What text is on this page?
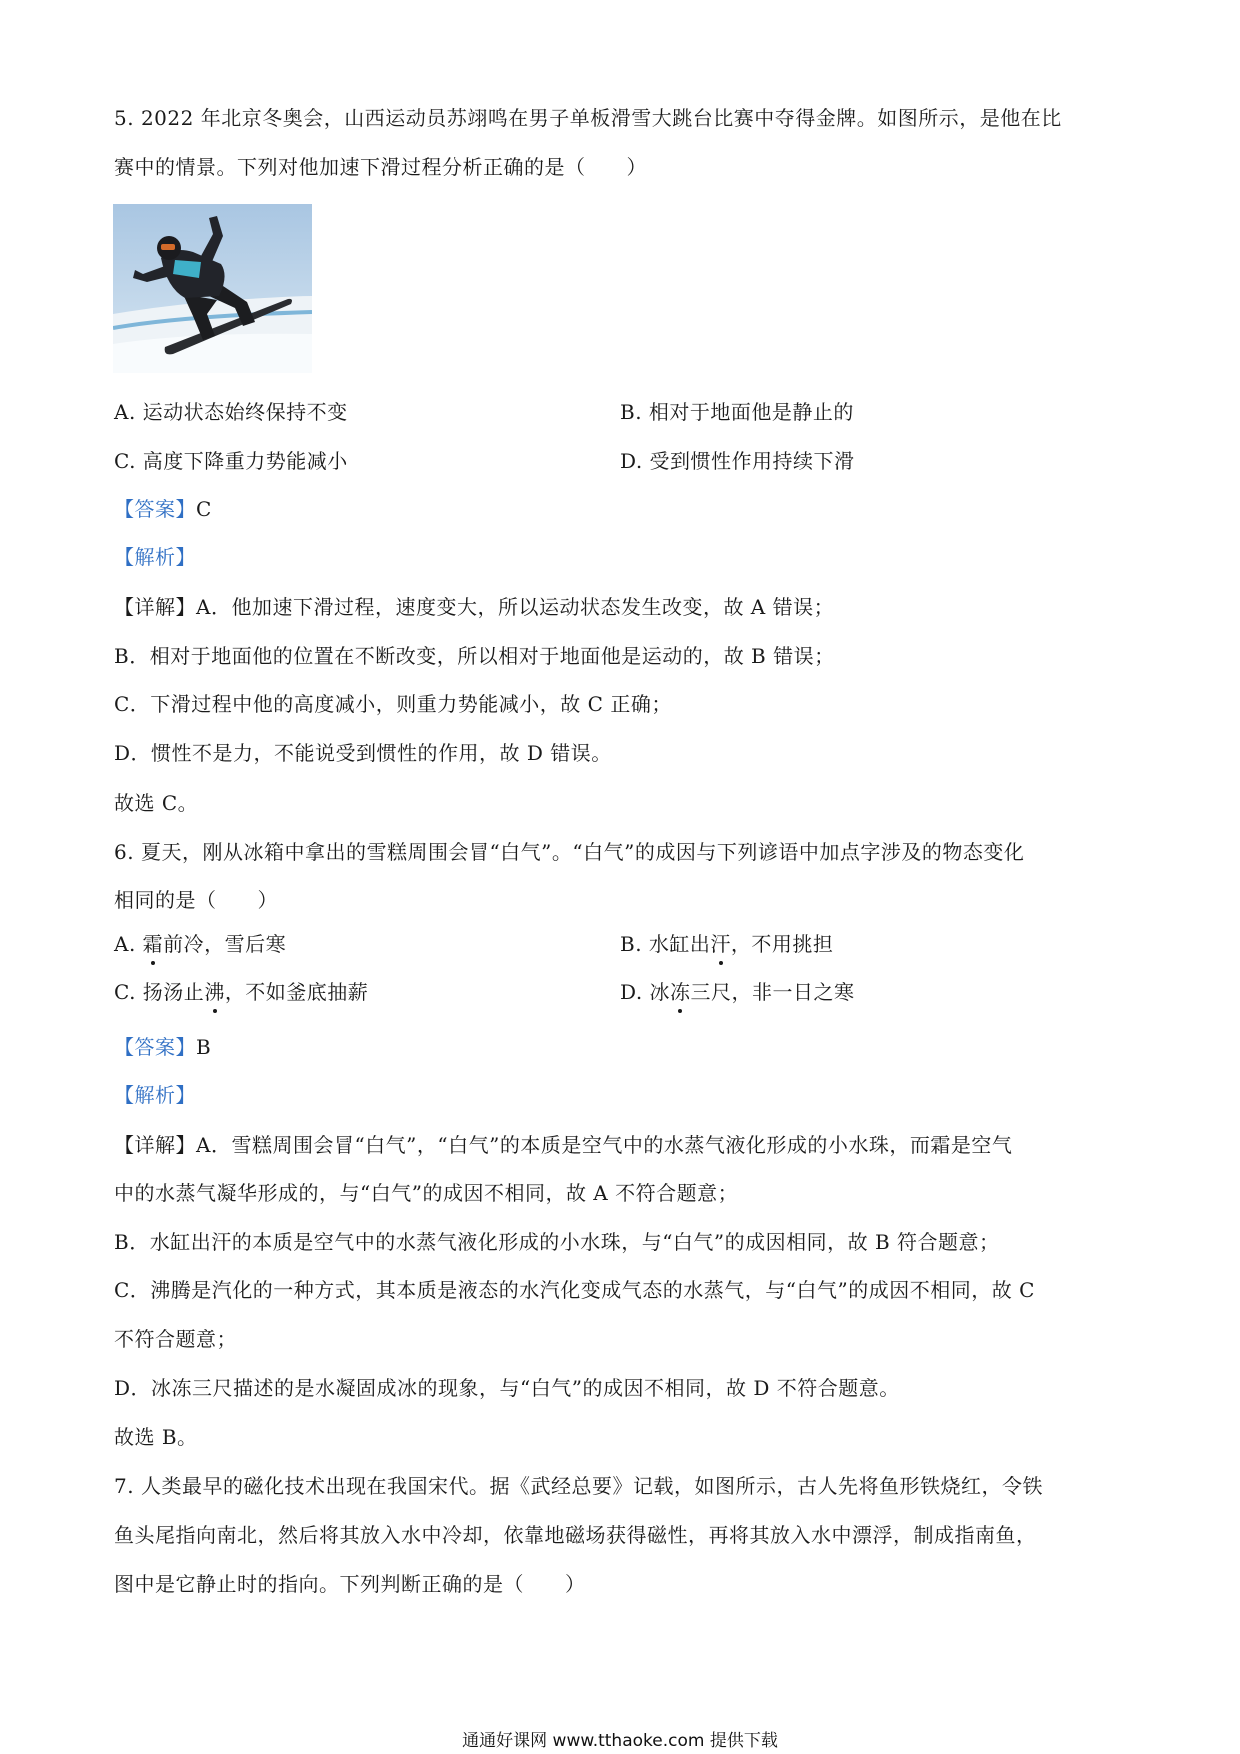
5. 2022 年北京冬奥会，山西运动员苏翊鸣在男子单板滑雪大跳台比赛中夺得金牌。如图所示，是他在比
赛中的情景。下列对他加速下滑过程分析正确的是（　　）
A. 运动状态始终保持不变	B. 相对于地面他是静止的
C. 高度下降重力势能减小	D. 受到惯性作用持续下滑
【答案】C
【解析】
【详解】A．他加速下滑过程，速度变大，所以运动状态发生改变，故 A 错误；
B．相对于地面他的位置在不断改变，所以相对于地面他是运动的，故 B 错误；
C．下滑过程中他的高度减小，则重力势能减小，故 C 正确；
D．惯性不是力，不能说受到惯性的作用，故 D 错误。
故选 C。
6. 夏天，刚从冰箱中拿出的雪糕周围会冒“白气”。“白气”的成因与下列谚语中加点字涉及的物态变化
相同的是（　　）
A. 霜前冷，雪后寒	B. 水缸出汗，不用挑担
C. 扬汤止沸，不如釜底抽薪	D. 冰冻三尺，非一日之寒
【答案】B
【解析】
【详解】A．雪糕周围会冒“白气”，“白气”的本质是空气中的水蒸气液化形成的小水珠，而霜是空气
中的水蒸气凝华形成的，与“白气”的成因不相同，故 A 不符合题意；
B．水缸出汗的本质是空气中的水蒸气液化形成的小水珠，与“白气”的成因相同，故 B 符合题意；
C．沸腾是汽化的一种方式，其本质是液态的水汽化变成气态的水蒸气，与“白气”的成因不相同，故 C
不符合题意；
D．冰冻三尺描述的是水凝固成冰的现象，与“白气”的成因不相同，故 D 不符合题意。
故选 B。
7. 人类最早的磁化技术出现在我国宋代。据《武经总要》记载，如图所示，古人先将鱼形铁烧红，令铁
鱼头尾指向南北，然后将其放入水中冷却，依靠地磁场获得磁性，再将其放入水中漂浮，制成指南鱼，
图中是它静止时的指向。下列判断正确的是（　　）
通通好课网 www.tthaoke.com 提供下载
